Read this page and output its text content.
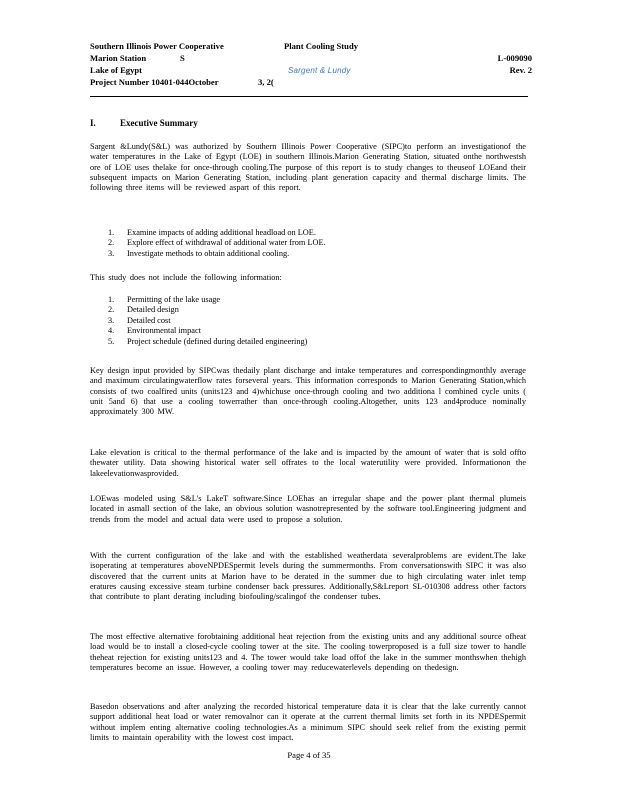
Southern Illinois Power Cooperative	Plant Cooling Study
Marion Station	S	L-009090
Lake of Egypt	Rev. 2
Project Number 10401-044October	3, 2(
Sargent & Lundy
I.	Executive Summary
Sargent &Lundy(S&L) was authorized by Southern Illinois Power Cooperative (SIPC)to perform an investigationof the water temperatures in the Lake of Egypt (LOE) in southern Illinois.Marion Generating Station, situated onthe northwestsh ore of LOE uses thelake for once-through cooling.The purpose of this report is to study changes to theuseof LOEand their subsequent impacts on Marion Generating Station, including plant generation capacity and thermal discharge limits. The following three items will be reviewed aspart of this report.
1. Examine impacts of adding additional headload on LOE.
2. Explore effect of withdrawal of additional water from LOE.
3. Investigate methods to obtain additional cooling.
This study does not include the following information:
1. Permitting of the lake usage
2. Detailed design
3. Detailed cost
4. Environmental impact
5. Project schedule (defined during detailed engineering)
Key design input provided by SIPCwas thedaily plant discharge and intake temperatures and correspondingmonthly average and maximum circulatingwaterflow rates forseveral years. This information corresponds to Marion Generating Station,which consists of two coalfired units (units123 and 4)whichuse once-through cooling and two additiona l combined cycle units ( unit 5and 6) that use a cooling towerrather than once-through cooling.Altogether, units 123 and4produce nominally approximately 300 MW.
Lake elevation is critical to the thermal performance of the lake and is impacted by the amount of water that is sold offto thewater utility. Data showing historical water sell offrates to the local waterutility were provided. Informationon the lakeelevationwasprovided.
LOEwas modeled using S&L's LakeT software.Since LOEhas an irregular shape and the power plant thermal plumeis located in asmall section of the lake, an obvious solution wasnotrepresented by the software tool.Engineering judgment and trends from the model and actual data were used to propose a solution.
With the current configuration of the lake and with the established weatherdata severalproblems are evident.The lake isoperating at temperatures aboveNPDESpermit levels during the summermonths. From conversationswith SIPC it was also discovered that the current units at Marion have to be derated in the summer due to high circulating water inlet temp eratures causing excessive steam turbine condenser back pressures. Additionally,S&Lreport SL-010308 address other factors that contribute to plant derating including biofouling/scalingof the condenser tubes.
The most effective alternative forobtaining additional heat rejection from the existing units and any additional source ofheat load would be to install a closed-cycle cooling tower at the site. The cooling towerproposed is a full size tower to handle theheat rejection for existing units123 and 4. The tower would take load offof the lake in the summer monthswhen thehigh temperatures become an issue. However, a cooling tower may reducewaterlevels depending on thedesign.
Basedon observations and after analyzing the recorded historical temperature data it is clear that the lake currently cannot support additional heat load or water removalnor can it operate at the current thermal limits set forth in its NPDESpermit without implem enting alternative cooling technologies.As a minimum SIPC should seek relief from the existing permit limits to maintain operability with the lowest cost impact.
Page 4 of 35
